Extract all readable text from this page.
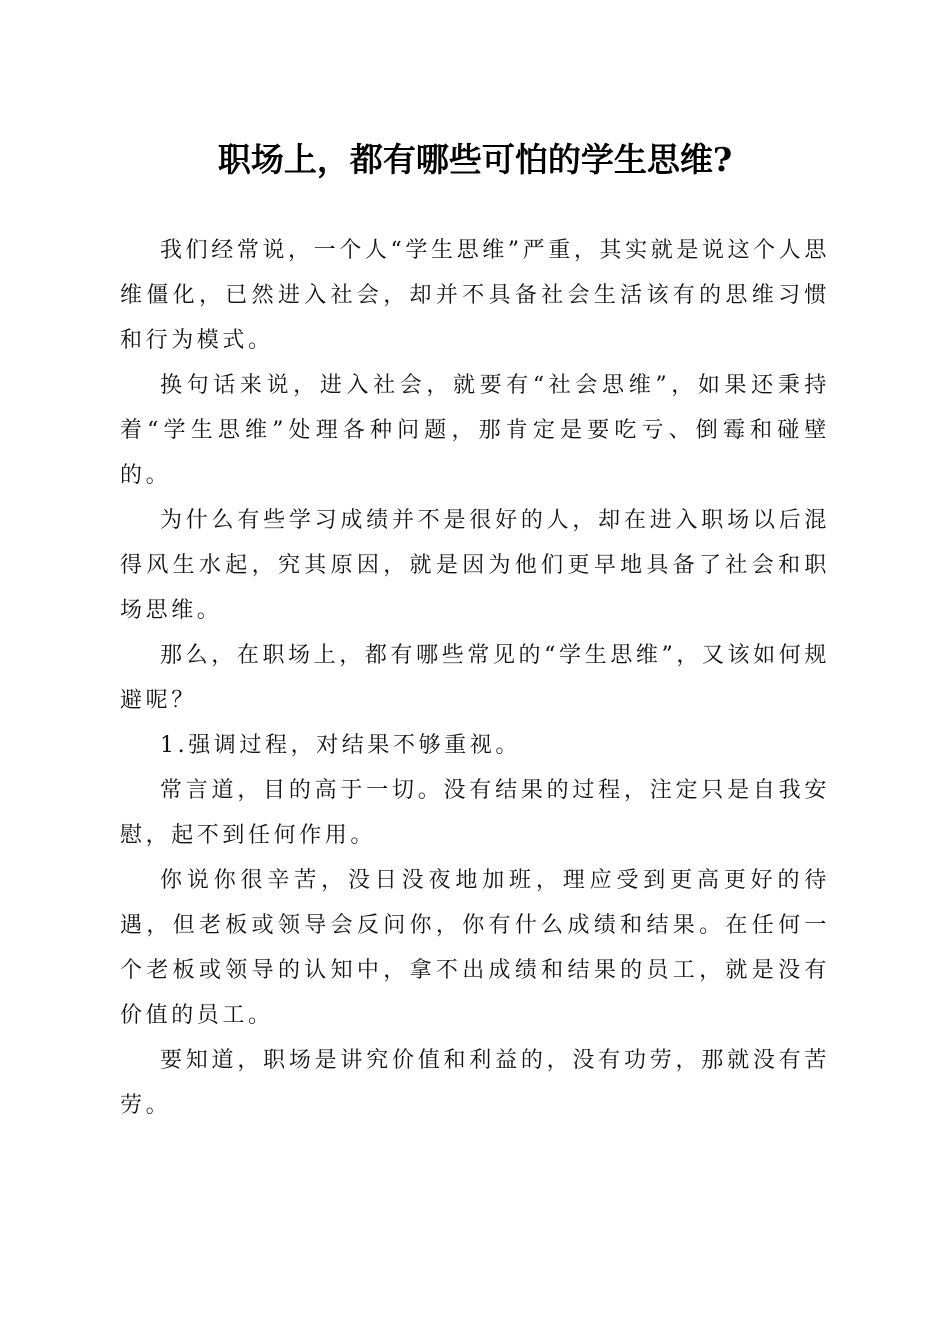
职场上，都有哪些可怕的学生思维?

我们经常说，一个人“学生思维”严重，其实就是说这个人思维僵化，已然进入社会，却并不具备社会生活该有的思维习惯和行为模式。

换句话来说，进入社会，就要有“社会思维”，如果还秉持着“学生思维”处理各种问题，那肯定是要吃亏、倒霉和碰壁的。

为什么有些学习成绩并不是很好的人，却在进入职场以后混得风生水起，究其原因，就是因为他们更早地具备了社会和职场思维。

那么，在职场上，都有哪些常见的“学生思维”，又该如何规避呢？

1.强调过程，对结果不够重视。

常言道，目的高于一切。没有结果的过程，注定只是自我安慰，起不到任何作用。

你说你很辛苦，没日没夜地加班，理应受到更高更好的待遇，但老板或领导会反问你，你有什么成绩和结果。在任何一个老板或领导的认知中，拿不出成绩和结果的员工，就是没有价值的员工。

要知道，职场是讲究价值和利益的，没有功劳，那就没有苦劳。
